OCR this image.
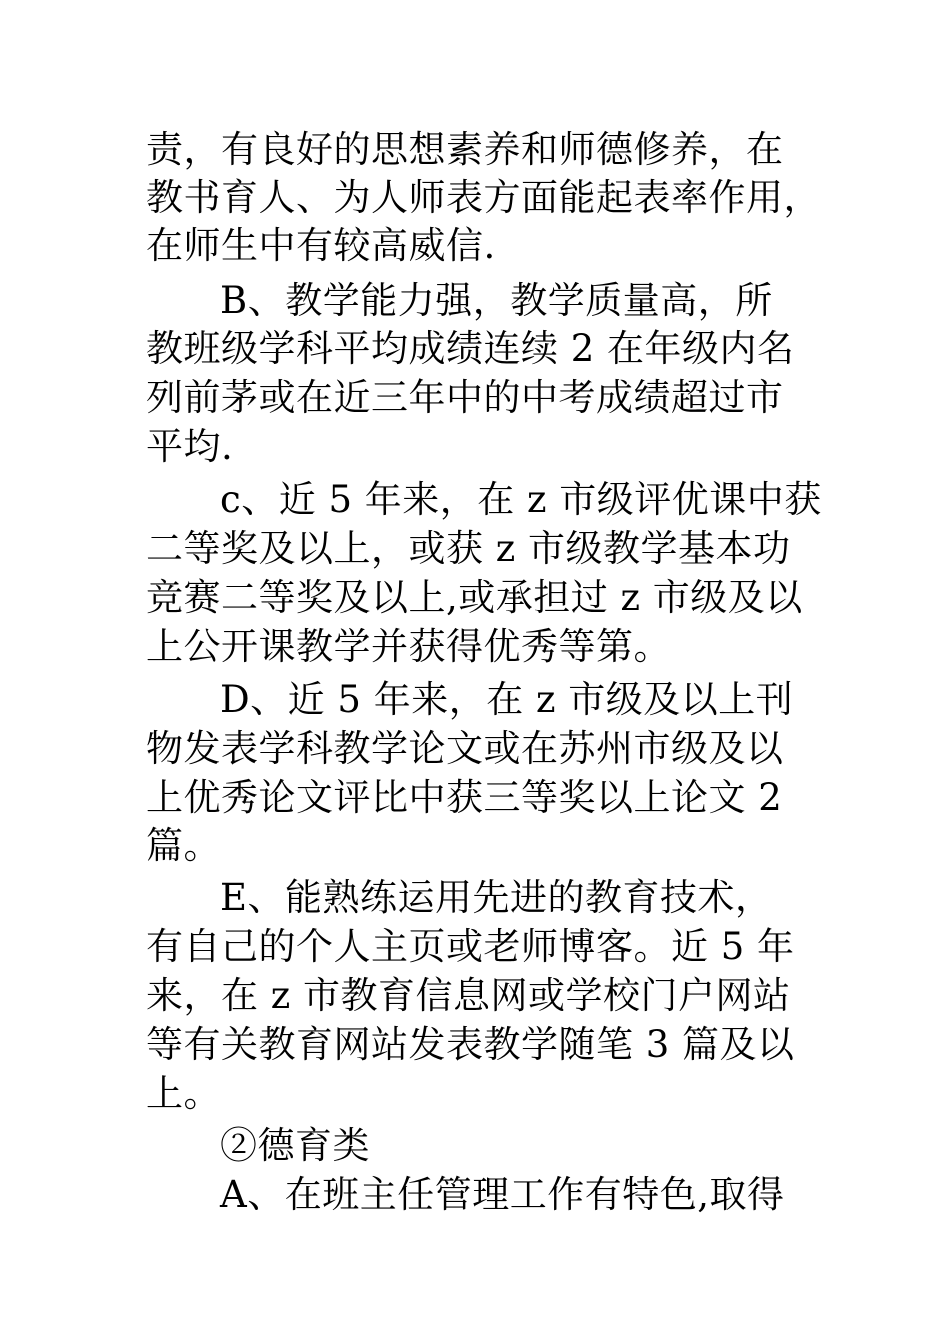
责，有良好的思想素养和师德修养，在
教书育人、为人师表方面能起表率作用，
在师生中有较高威信.
B、教学能力强，教学质量高，所
教班级学科平均成绩连续 2 在年级内名
列前茅或在近三年中的中考成绩超过市
平均.
c、近 5 年来，在 z 市级评优课中获
二等奖及以上，或获 z 市级教学基本功
竞赛二等奖及以上,或承担过 z 市级及以
上公开课教学并获得优秀等第。
D、近 5 年来，在 z 市级及以上刊
物发表学科教学论文或在苏州市级及以
上优秀论文评比中获三等奖以上论文 2
篇。
E、能熟练运用先进的教育技术，
有自己的个人主页或老师博客。近 5 年
来，在 z 市教育信息网或学校门户网站
等有关教育网站发表教学随笔 3 篇及以
上。
②德育类
A、在班主任管理工作有特色,取得
